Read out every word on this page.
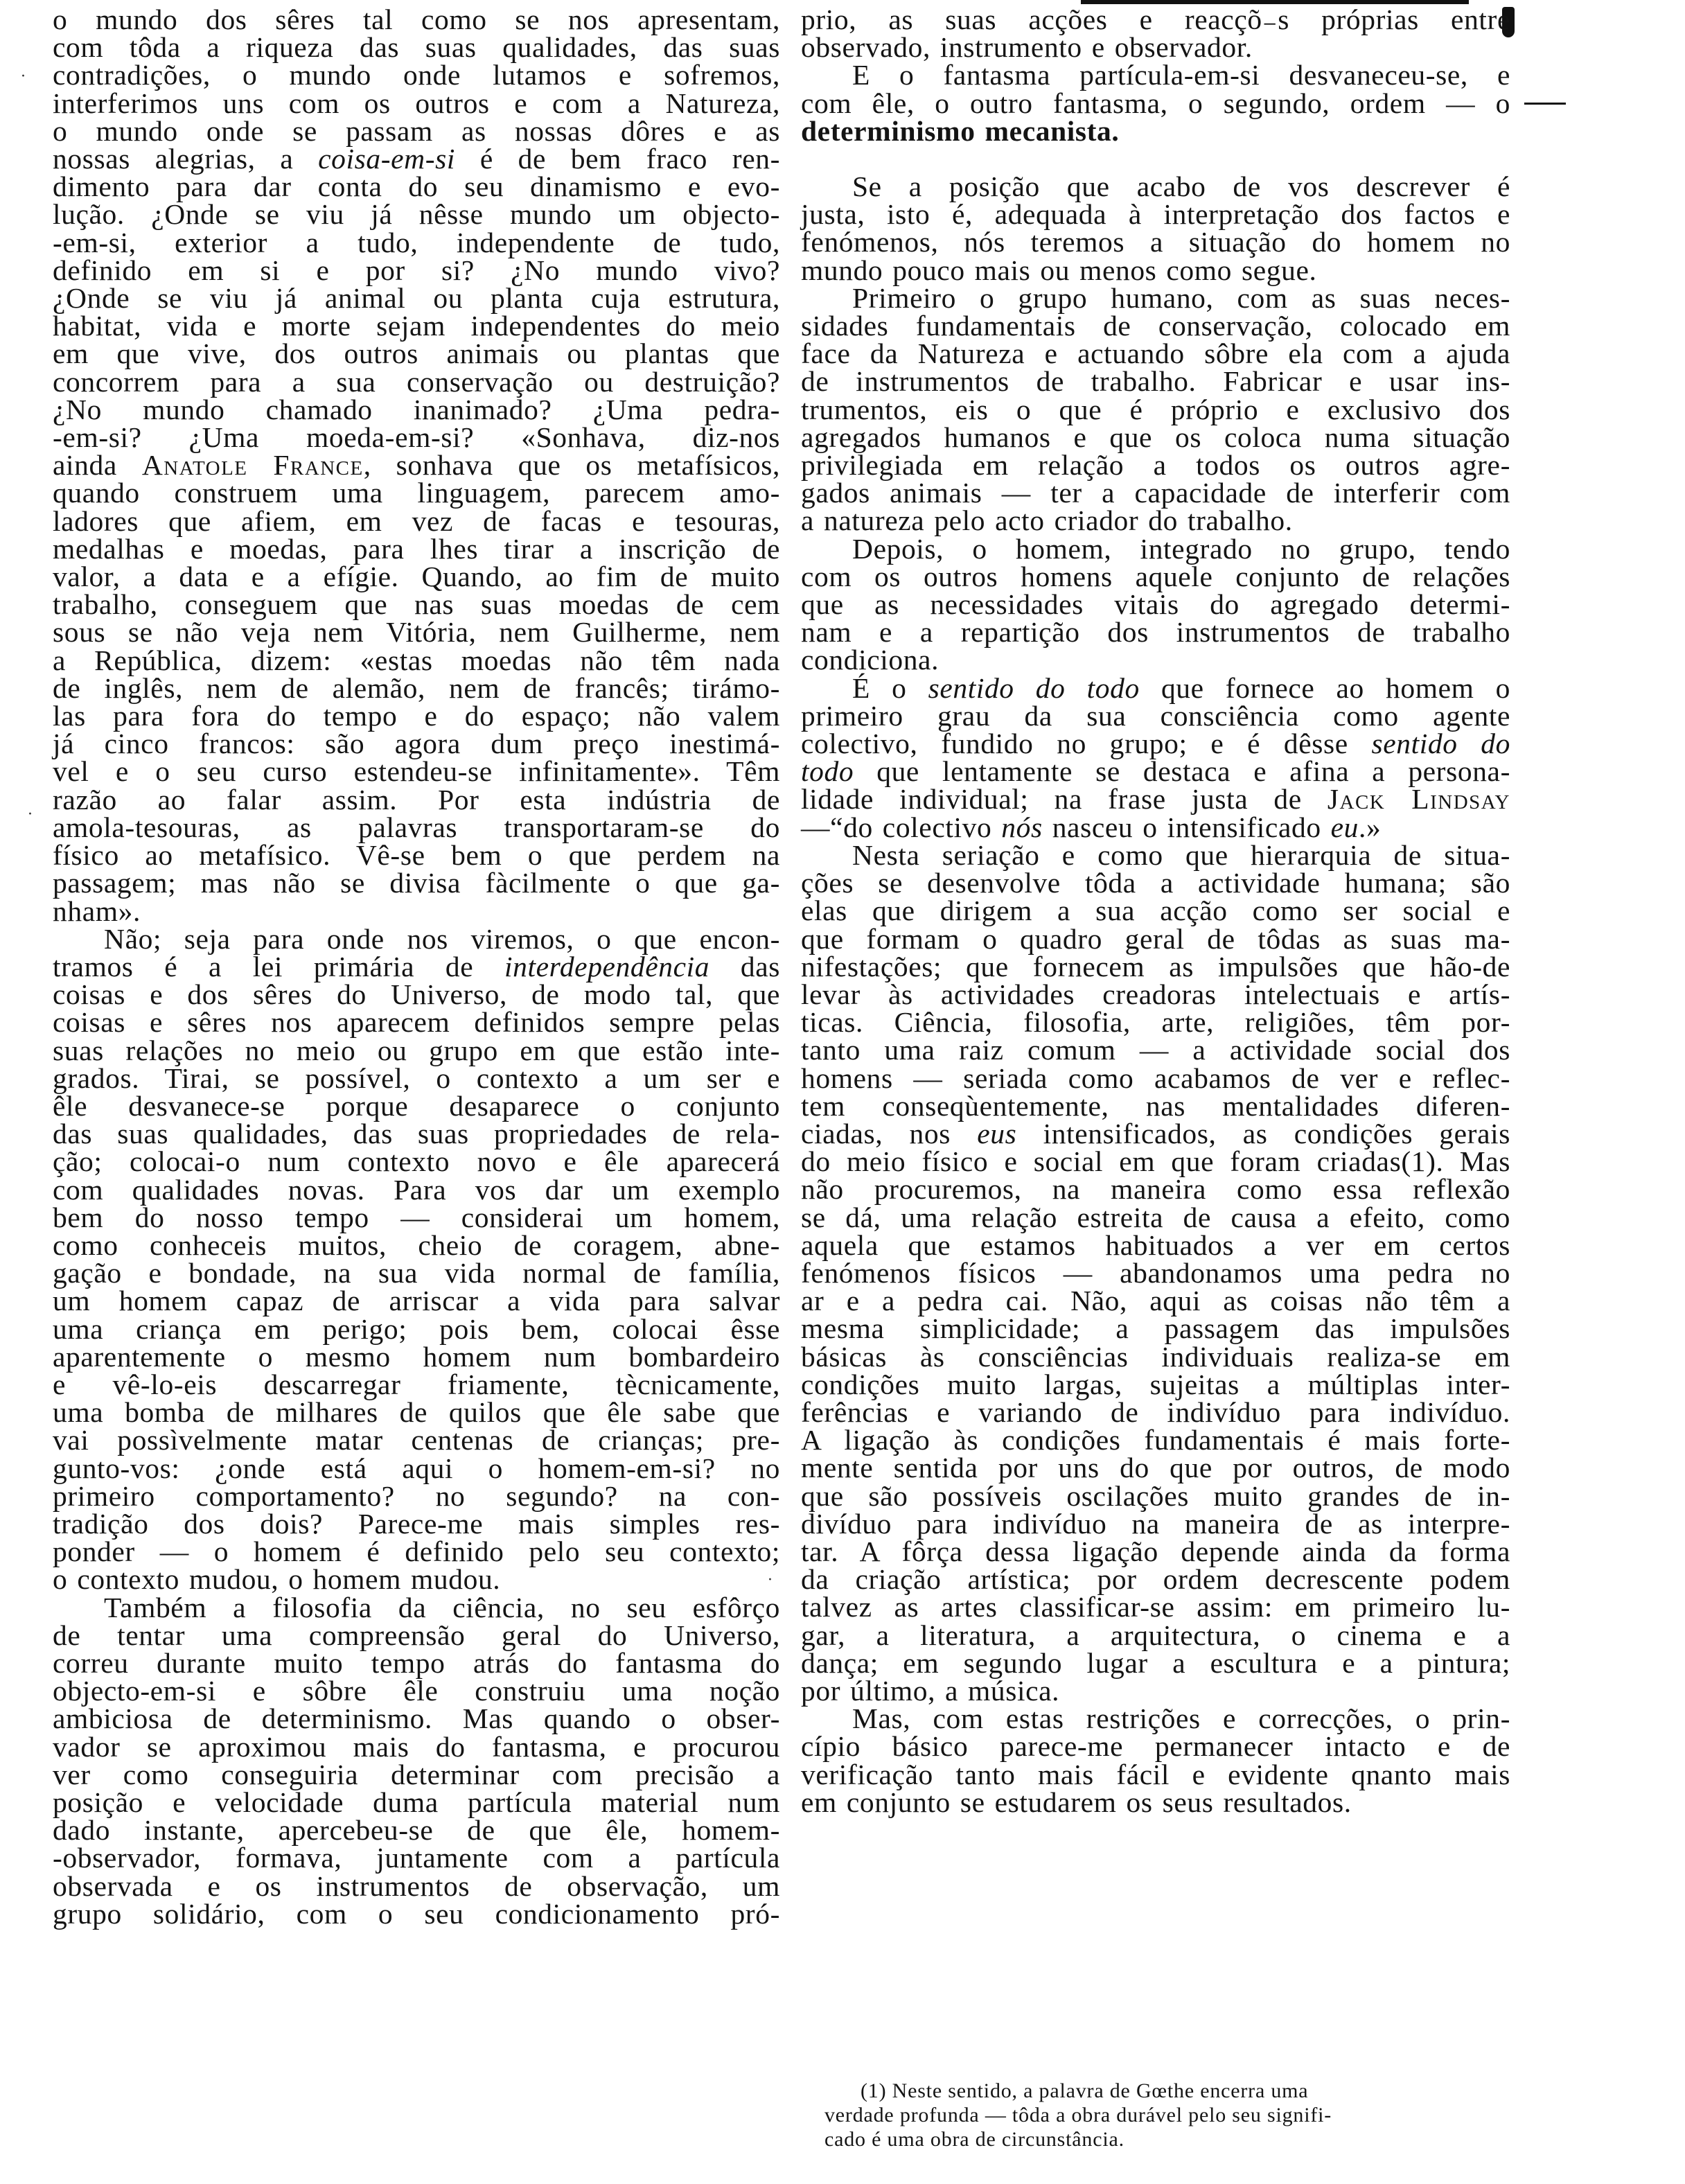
·
·
·

o mundo dos sêres tal como se nos apresentam,
com tôda a riqueza das suas qualidades, das suas
contradições, o mundo onde lutamos e sofremos,
interferimos uns com os outros e com a Natureza,
o mundo onde se passam as nossas dôres e as
nossas alegrias, a coisa-em-si é de bem fraco ren-
dimento para dar conta do seu dinamismo e evo-
lução. ¿Onde se viu já nêsse mundo um objecto-
-em-si, exterior a tudo, independente de tudo,
definido em si e por si? ¿No mundo vivo?
¿Onde se viu já animal ou planta cuja estrutura,
habitat, vida e morte sejam independentes do meio
em que vive, dos outros animais ou plantas que
concorrem para a sua conservação ou destruição?
¿No mundo chamado inanimado? ¿Uma pedra-
-em-si? ¿Uma moeda-em-si? «Sonhava, diz-nos
ainda Anatole France, sonhava que os metafísicos,
quando construem uma linguagem, parecem amo-
ladores que afiem, em vez de facas e tesouras,
medalhas e moedas, para lhes tirar a inscrição de
valor, a data e a efígie. Quando, ao fim de muito
trabalho, conseguem que nas suas moedas de cem
sous se não veja nem Vitória, nem Guilherme, nem
a República, dizem: «estas moedas não têm nada
de inglês, nem de alemão, nem de francês; tirámo-
las para fora do tempo e do espaço; não valem
já cinco francos: são agora dum preço inestimá-
vel e o seu curso estendeu-se infinitamente». Têm
razão ao falar assim. Por esta indústria de
amola-tesouras, as palavras transportaram-se do
físico ao metafísico. Vê-se bem o que perdem na
passagem; mas não se divisa fàcilmente o que ga-

nham».

Não; seja para onde nos viremos, o que encon-
tramos é a lei primária de interdependência das
coisas e dos sêres do Universo, de modo tal, que
coisas e sêres nos aparecem definidos sempre pelas
suas relações no meio ou grupo em que estão inte-
grados. Tirai, se possível, o contexto a um ser e
êle desvanece-se porque desaparece o conjunto
das suas qualidades, das suas propriedades de rela-
ção; colocai-o num contexto novo e êle aparecerá
com qualidades novas. Para vos dar um exemplo
bem do nosso tempo — considerai um homem,
como conheceis muitos, cheio de coragem, abne-
gação e bondade, na sua vida normal de família,
um homem capaz de arriscar a vida para salvar
uma criança em perigo; pois bem, colocai êsse
aparentemente o mesmo homem num bombardeiro
e vê-lo-eis descarregar friamente, tècnicamente,
uma bomba de milhares de quilos que êle sabe que
vai possìvelmente matar centenas de crianças; pre-
gunto-vos: ¿onde está aqui o homem-em-si? no
primeiro comportamento? no segundo? na con-
tradição dos dois? Parece-me mais simples res-
ponder — o homem é definido pelo seu contexto;

o contexto mudou, o homem mudou.

Também a filosofia da ciência, no seu esfôrço
de tentar uma compreensão geral do Universo,
correu durante muito tempo atrás do fantasma do
objecto-em-si e sôbre êle construiu uma noção
ambiciosa de determinismo. Mas quando o obser-
vador se aproximou mais do fantasma, e procurou
ver como conseguiria determinar com precisão a
posição e velocidade duma partícula material num
dado instante, apercebeu-se de que êle, homem-
-observador, formava, juntamente com a partícula
observada e os instrumentos de observação, um
grupo solidário, com o seu condicionamento pró-

prio, as suas acções e reacçõ₋s próprias entre

observado, instrumento e observador.

E o fantasma partícula-em-si desvaneceu-se, e
com êle, o outro fantasma, o segundo, ordem — o

determinismo mecanista.

Se a posição que acabo de vos descrever é
justa, isto é, adequada à interpretação dos factos e
fenómenos, nós teremos a situação do homem no

mundo pouco mais ou menos como segue.

Primeiro o grupo humano, com as suas neces-
sidades fundamentais de conservação, colocado em
face da Natureza e actuando sôbre ela com a ajuda
de instrumentos de trabalho. Fabricar e usar ins-
trumentos, eis o que é próprio e exclusivo dos
agregados humanos e que os coloca numa situação
privilegiada em relação a todos os outros agre-
gados animais — ter a capacidade de interferir com

a natureza pelo acto criador do trabalho.

Depois, o homem, integrado no grupo, tendo
com os outros homens aquele conjunto de relações
que as necessidades vitais do agregado determi-
nam e a repartição dos instrumentos de trabalho

condiciona.

É o sentido do todo que fornece ao homem o
primeiro grau da sua consciência como agente
colectivo, fundido no grupo; e é dêsse sentido do
todo que lentamente se destaca e afina a persona-
lidade individual; na frase justa de Jack Lindsay

—“do colectivo nós nasceu o intensificado eu.»

Nesta seriação e como que hierarquia de situa-
ções se desenvolve tôda a actividade humana; são
elas que dirigem a sua acção como ser social e
que formam o quadro geral de tôdas as suas ma-
nifestações; que fornecem as impulsões que hão-de
levar às actividades creadoras intelectuais e artís-
ticas. Ciência, filosofia, arte, religiões, têm por-
tanto uma raiz comum — a actividade social dos
homens — seriada como acabamos de ver e reflec-
tem conseqùentemente, nas mentalidades diferen-
ciadas, nos eus intensificados, as condições gerais
do meio físico e social em que foram criadas(1). Mas
não procuremos, na maneira como essa reflexão
se dá, uma relação estreita de causa a efeito, como
aquela que estamos habituados a ver em certos
fenómenos físicos — abandonamos uma pedra no
ar e a pedra cai. Não, aqui as coisas não têm a
mesma simplicidade; a passagem das impulsões
básicas às consciências individuais realiza-se em
condições muito largas, sujeitas a múltiplas inter-
ferências e variando de indivíduo para indivíduo.
A ligação às condições fundamentais é mais forte-
mente sentida por uns do que por outros, de modo
que são possíveis oscilações muito grandes de in-
divíduo para indivíduo na maneira de as interpre-
tar. A fôrça dessa ligação depende ainda da forma
da criação artística; por ordem decrescente podem
talvez as artes classificar-se assim: em primeiro lu-
gar, a literatura, a arquitectura, o cinema e a
dança; em segundo lugar a escultura e a pintura;

por último, a música.

Mas, com estas restrições e correcções, o prin-
cípio básico parece-me permanecer intacto e de
verificação tanto mais fácil e evidente qnanto mais

em conjunto se estudarem os seus resultados.

(1) Neste sentido, a palavra de Gœthe encerra uma
verdade profunda — tôda a obra durável pelo seu signifi-
cado é uma obra de circunstância.
